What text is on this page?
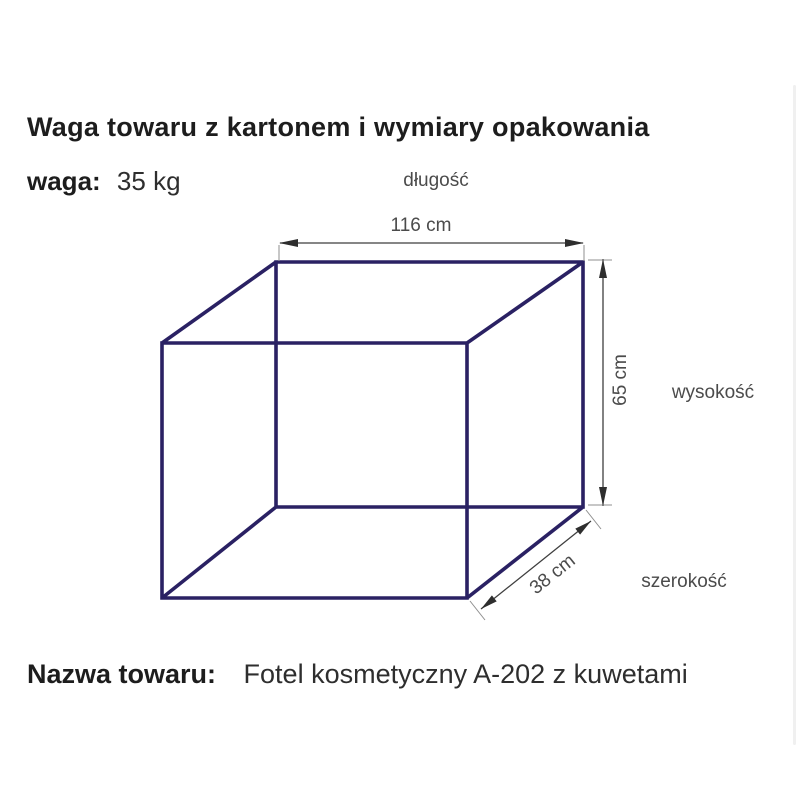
Waga towaru z kartonem i wymiary opakowania

waga: 35 kg	długość

116 cm

65 cm wysokość

38 cm	szerokość

Nazwa towaru: Fotel kosmetyczny A-202 z kuwetami
